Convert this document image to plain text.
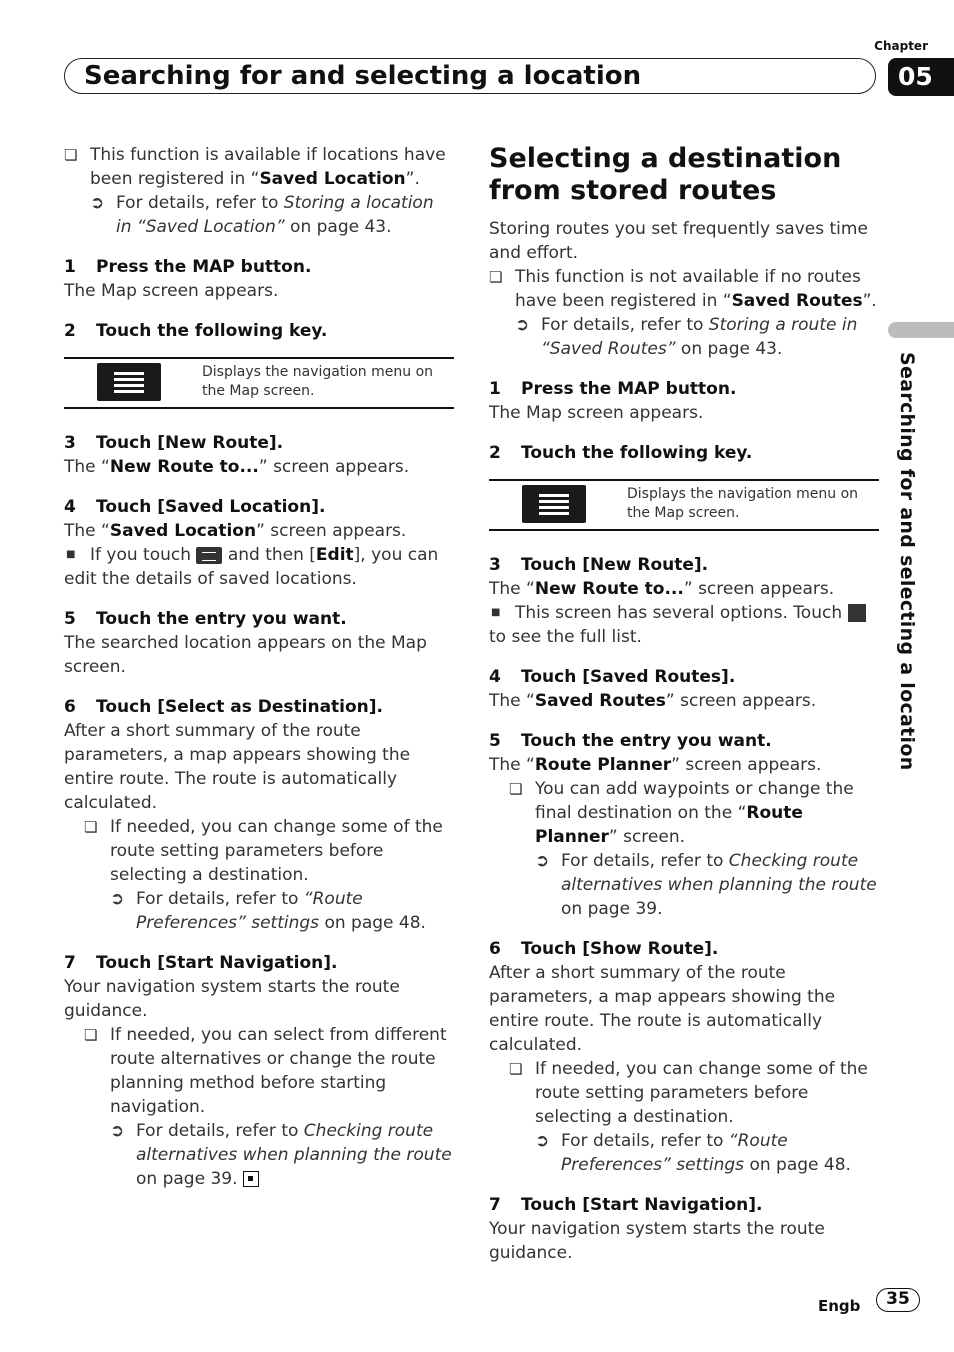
Chapter
05
Searching for and selecting a location
Searching for and selecting a location
❏ This function is available if locations have been registered in “Saved Location”.
➲ For details, refer to Storing a location in “Saved Location” on page 43.
1 Press the MAP button.

The Map screen appears.

2 Touch the following key.
Displays the navigation menu on the Map screen.
3 Touch [New Route].

The “New Route to...” screen appears.

4 Touch [Saved Location].

The “Saved Location” screen appears.

■ If you touch  and then [Edit], you can edit the details of saved locations.

5 Touch the entry you want.

The searched location appears on the Map screen.

6 Touch [Select as Destination].

After a short summary of the route parameters, a map appears showing the entire route. The route is automatically calculated.

❏ If needed, you can change some of the route setting parameters before selecting a destination.
➲ For details, refer to “Route Preferences” settings on page 48.
7 Touch [Start Navigation].

Your navigation system starts the route guidance.

❏ If needed, you can select from different route alternatives or change the route planning method before starting navigation.
➲ For details, refer to Checking route alternatives when planning the route on page 39.
Selecting a destination from stored routes

Storing routes you set frequently saves time and effort.

❏ This function is not available if no routes have been registered in “Saved Routes”.
➲ For details, refer to Storing a route in “Saved Routes” on page 43.
1 Press the MAP button.

The Map screen appears.

2 Touch the following key.
Displays the navigation menu on the Map screen.
3 Touch [New Route].

The “New Route to...” screen appears.

■ This screen has several options. Touch › to see the full list.

4 Touch [Saved Routes].

The “Saved Routes” screen appears.

5 Touch the entry you want.

The “Route Planner” screen appears.

❏ You can add waypoints or change the final destination on the “Route Planner” screen.
➲ For details, refer to Checking route alternatives when planning the route on page 39.
6 Touch [Show Route].

After a short summary of the route parameters, a map appears showing the entire route. The route is automatically calculated.

❏ If needed, you can change some of the route setting parameters before selecting a destination.
➲ For details, refer to “Route Preferences” settings on page 48.
7 Touch [Start Navigation].

Your navigation system starts the route guidance.

Engb	35
